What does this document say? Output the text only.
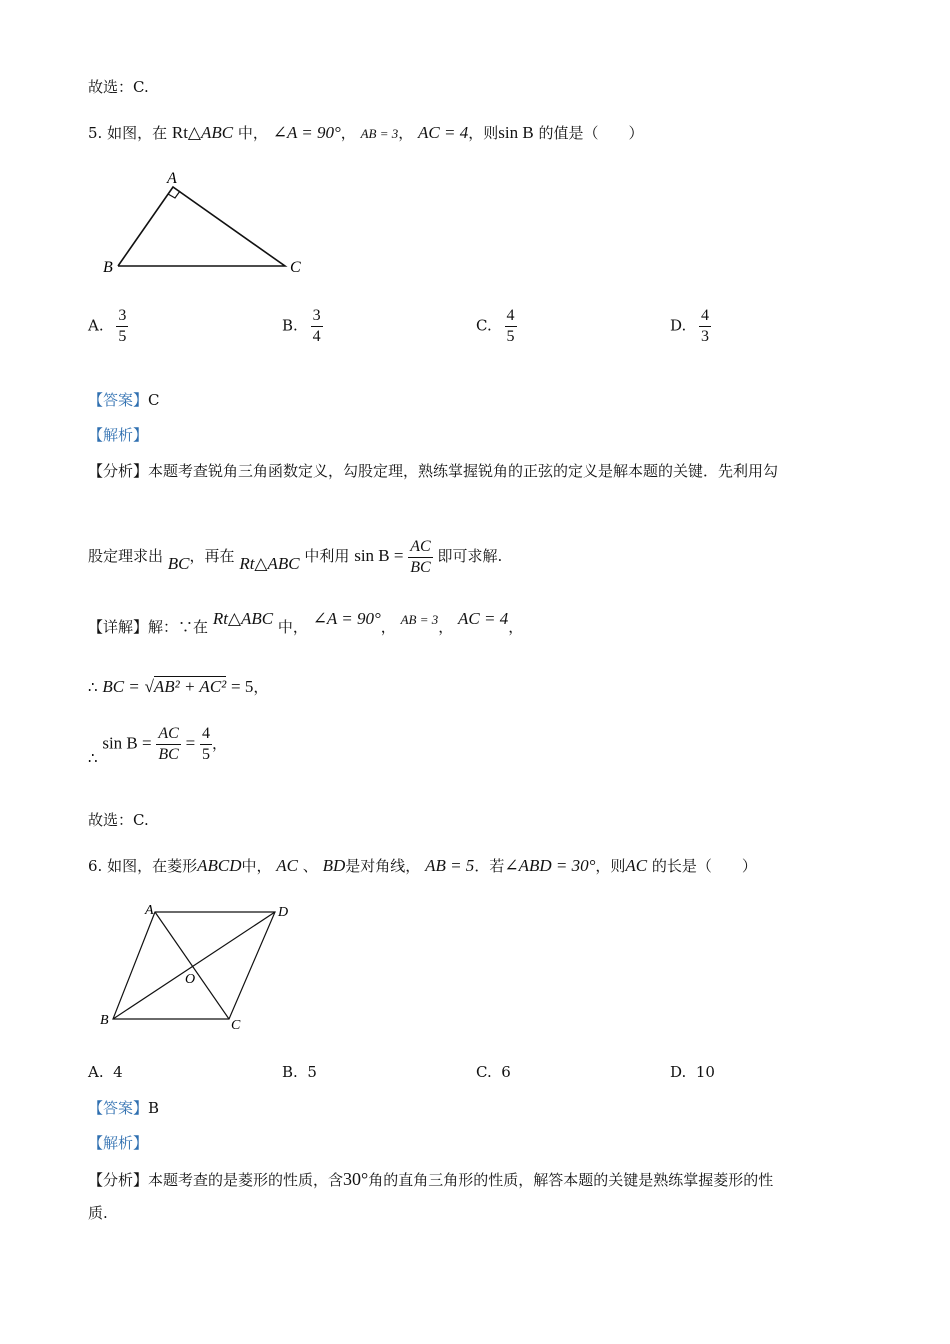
故选：C.
5. 如图，在 Rt△ABC 中， ∠A = 90°， AB = 3， AC = 4，则sin B 的值是（　　）
A
B	C
A. $\frac{3}{5}$	B. $\frac{3}{4}$	C. $\frac{4}{5}$	D. $\frac{4}{3}$
【答案】C
【解析】
【分析】本题考查锐角三角函数定义，勾股定理，熟练掌握锐角的正弦的定义是解本题的关键．先利用勾
股定理求出 BC，再在 Rt△ABC 中利用 $\sin B = \frac{AC}{BC}$ 即可求解.
【详解】解：∵在 Rt△ABC 中， ∠A = 90°， AB = 3， AC = 4，
∴ BC = √AB² + AC² = 5，
∴ $\sin B = \frac{AC}{BC} = \frac{4}{5}$ ，
故选：C.
6. 如图，在菱形ABCD中， AC 、 BD是对角线， AB = 5．若∠ABD = 30°，则AC 的长是（　　）
A	D
O
B	C
A. 4	B. 5	C. 6	D. 10
【答案】B
【解析】
【分析】本题考查的是菱形的性质，含30°角的直角三角形的性质，解答本题的关键是熟练掌握菱形的性
质.
